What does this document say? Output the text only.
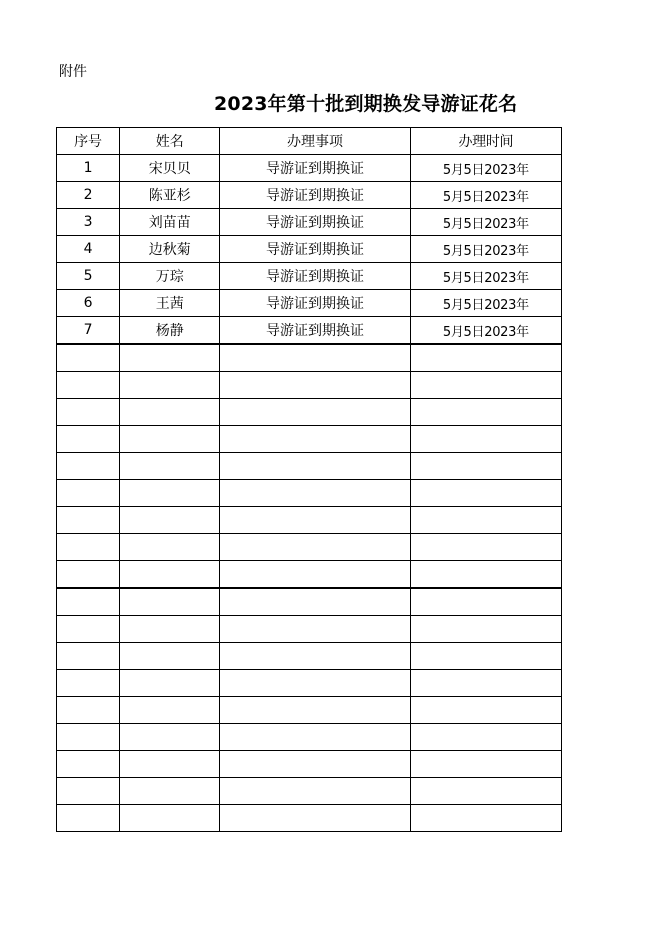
附件
2023年第十批到期换发导游证花名
序号	姓名	办理事项	办理时间
1	宋贝贝	导游证到期换证	5月5日2023年
2	陈亚杉	导游证到期换证	5月5日2023年
3	刘苗苗	导游证到期换证	5月5日2023年
4	边秋菊	导游证到期换证	5月5日2023年
5	万琮	导游证到期换证	5月5日2023年
6	王茜	导游证到期换证	5月5日2023年
7	杨静	导游证到期换证	5月5日2023年
